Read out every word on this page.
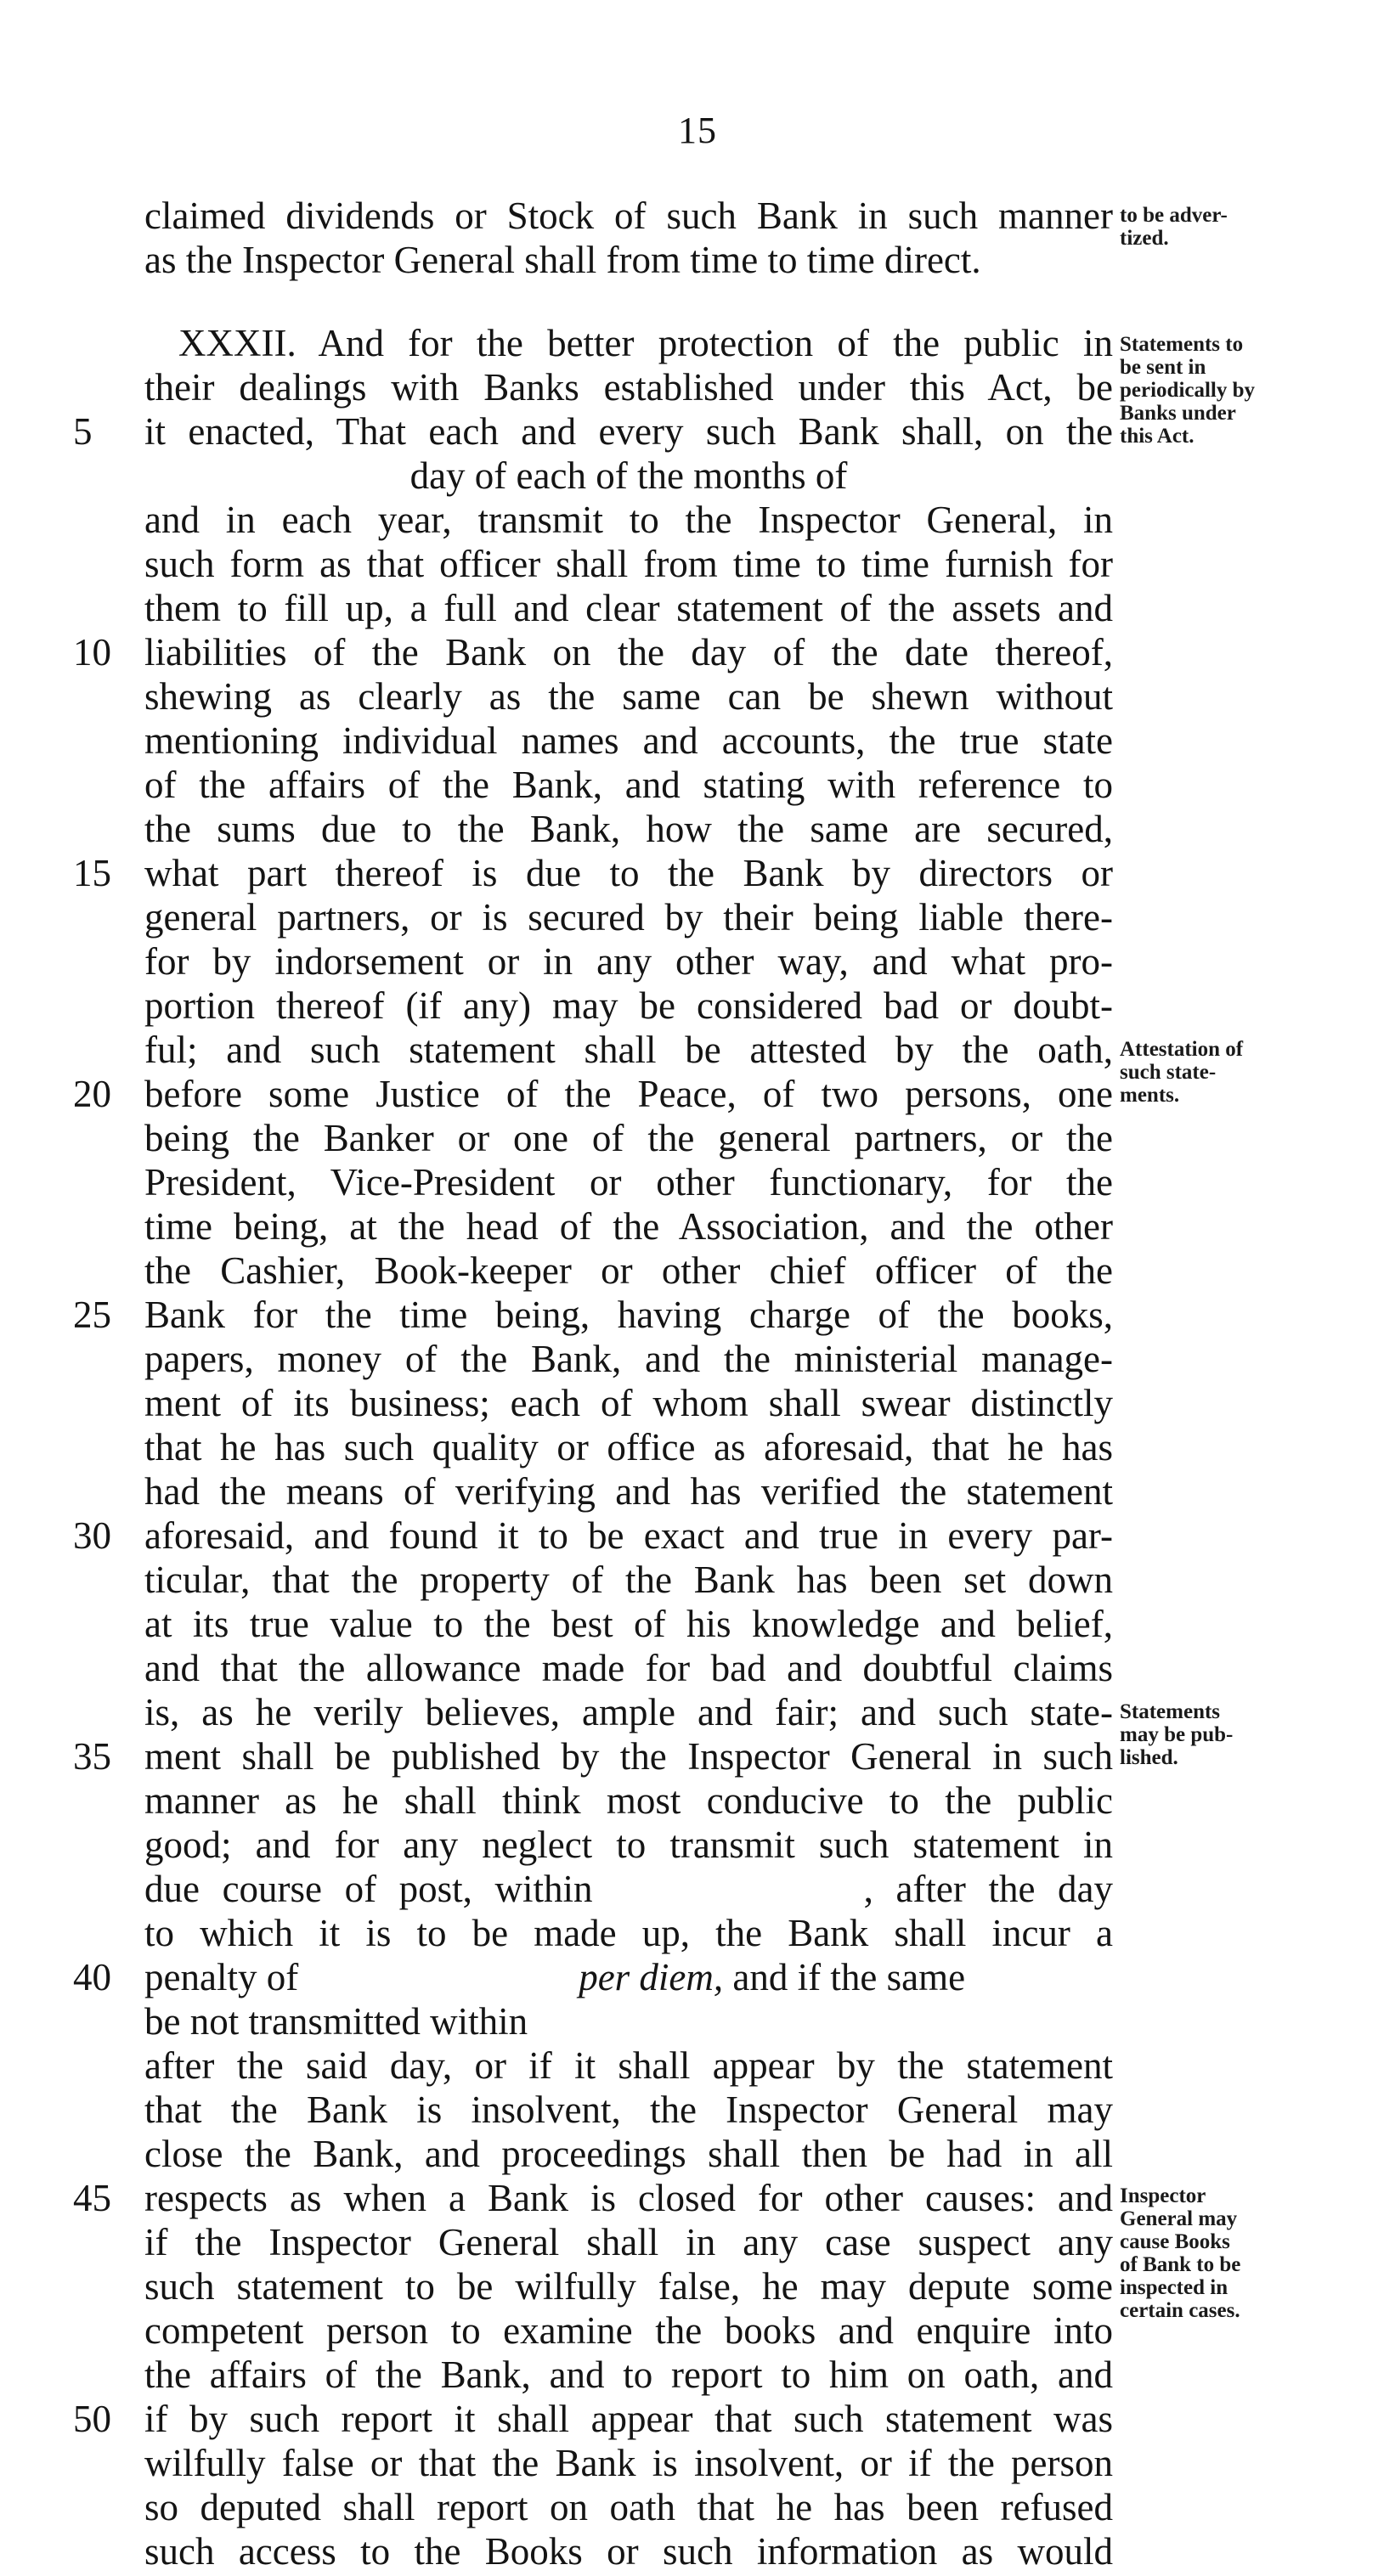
15
claimed dividends or Stock of such Bank in such manner
as the Inspector General shall from time to time direct.
XXXII. And for the better protection of the public in
their dealings with Banks established under this Act, be
it enacted, That each and every such Bank shall, on the
day of each of the months of
and in each year, transmit to the Inspector General, in
such form as that officer shall from time to time furnish for
them to fill up, a full and clear statement of the assets and
liabilities of the Bank on the day of the date thereof,
shewing as clearly as the same can be shewn without
mentioning individual names and accounts, the true state
of the affairs of the Bank, and stating with reference to
the sums due to the Bank, how the same are secured,
what part thereof is due to the Bank by directors or
general partners, or is secured by their being liable there-
for by indorsement or in any other way, and what pro-
portion thereof (if any) may be considered bad or doubt-
ful; and such statement shall be attested by the oath,
before some Justice of the Peace, of two persons, one
being the Banker or one of the general partners, or the
President, Vice-President or other functionary, for the
time being, at the head of the Association, and the other
the Cashier, Book-keeper or other chief officer of the
Bank for the time being, having charge of the books,
papers, money of the Bank, and the ministerial manage-
ment of its business; each of whom shall swear distinctly
that he has such quality or office as aforesaid, that he has
had the means of verifying and has verified the statement
aforesaid, and found it to be exact and true in every par-
ticular, that the property of the Bank has been set down
at its true value to the best of his knowledge and belief,
and that the allowance made for bad and doubtful claims
is, as he verily believes, ample and fair; and such state-
ment shall be published by the Inspector General in such
manner as he shall think most conducive to the public
good; and for any neglect to transmit such statement in
due course of post, within            , after the day
to which it is to be made up, the Bank shall incur a
penalty of	per diem, and if the same
be not transmitted within
after the said day, or if it shall appear by the statement
that the Bank is insolvent, the Inspector General may
close the Bank, and proceedings shall then be had in all
respects as when a Bank is closed for other causes: and
if the Inspector General shall in any case suspect any
such statement to be wilfully false, he may depute some
competent person to examine the books and enquire into
the affairs of the Bank, and to report to him on oath, and
if by such report it shall appear that such statement was
wilfully false or that the Bank is insolvent, or if the person
so deputed shall report on oath that he has been refused
such access to the Books or such information as would
5
10
15
20
25
30
35
40
45
50
to be adver-
tized.
Statements to
be sent in
periodically by
Banks under
this Act.
Attestation of
such state-
ments.
Statements
may be pub-
lished.
Inspector
General may
cause Books
of Bank to be
inspected in
certain cases.
